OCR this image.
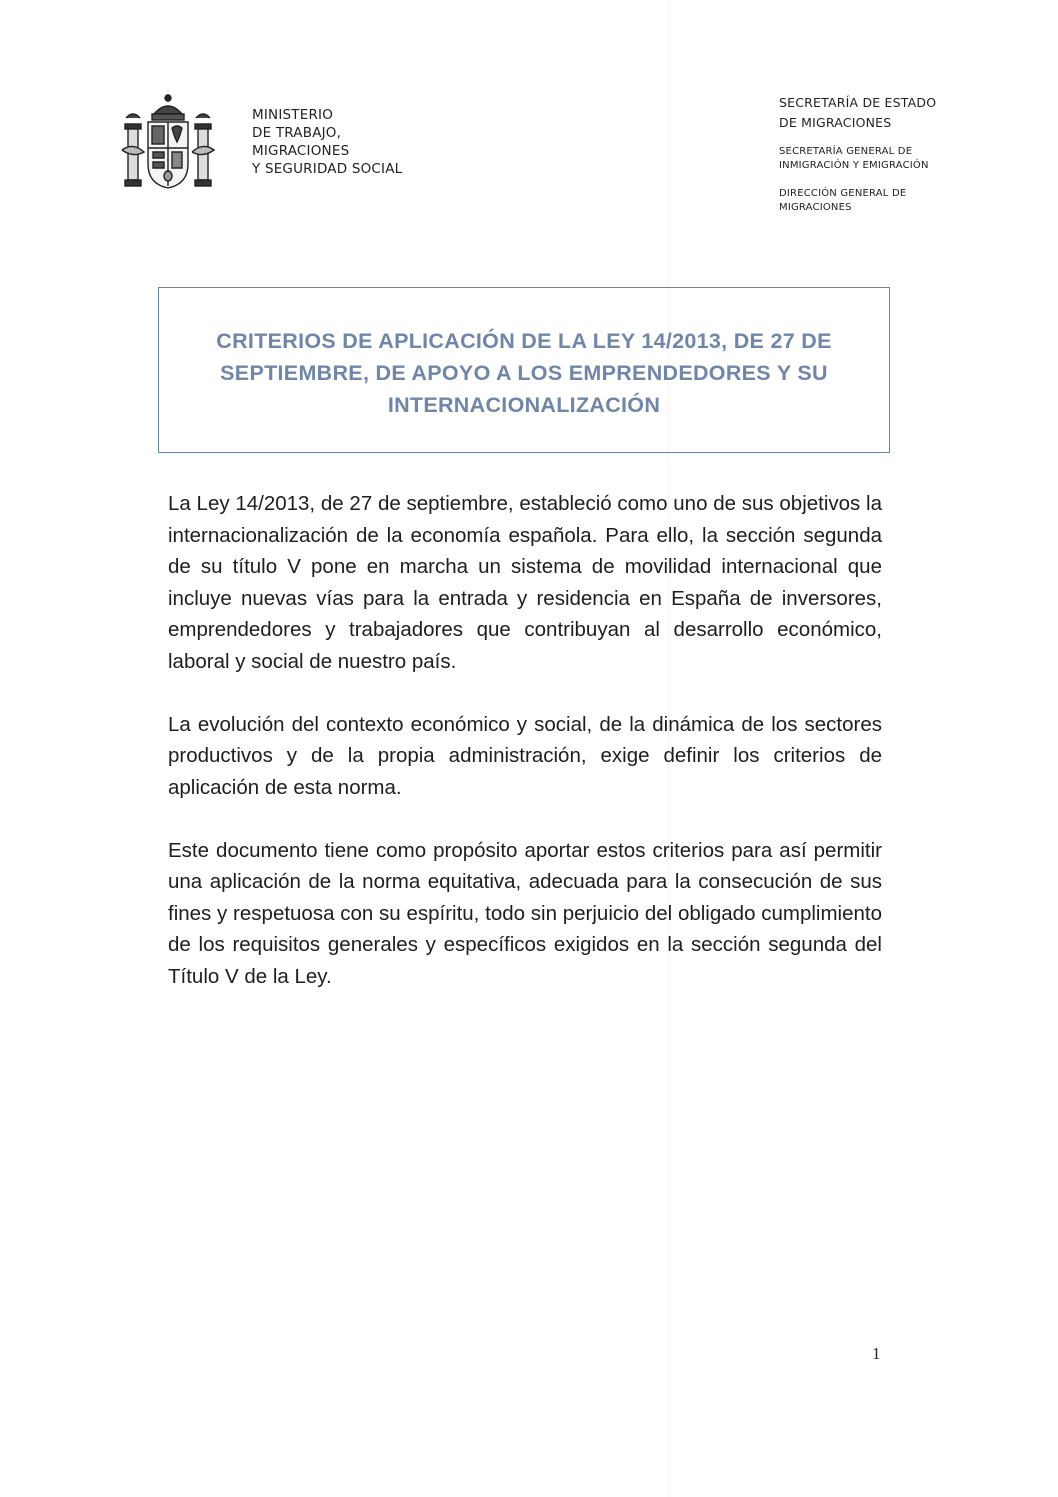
MINISTERIO
DE TRABAJO,
MIGRACIONES
Y SEGURIDAD SOCIAL
SECRETARÍA DE ESTADO
DE MIGRACIONES
SECRETARÍA GENERAL DE
INMIGRACIÓN Y EMIGRACIÓN
DIRECCIÓN GENERAL DE
MIGRACIONES
CRITERIOS DE APLICACIÓN DE LA LEY 14/2013, DE 27 DE
SEPTIEMBRE, DE APOYO A LOS EMPRENDEDORES Y SU
INTERNACIONALIZACIÓN

La Ley 14/2013, de 27 de septiembre, estableció como uno de sus objetivos la internacionalización de la economía española. Para ello, la sección segunda de su título V pone en marcha un sistema de movilidad internacional que incluye nuevas vías para la entrada y residencia en España de inversores, emprendedores y trabajadores que contribuyan al desarrollo económico, laboral y social de nuestro país.

La evolución del contexto económico y social, de la dinámica de los sectores productivos y de la propia administración, exige definir los criterios de aplicación de esta norma.

Este documento tiene como propósito aportar estos criterios para así permitir una aplicación de la norma equitativa, adecuada para la consecución de sus fines y respetuosa con su espíritu, todo sin perjuicio del obligado cumplimiento de los requisitos generales y específicos exigidos en la sección segunda del Título V de la Ley.

1
